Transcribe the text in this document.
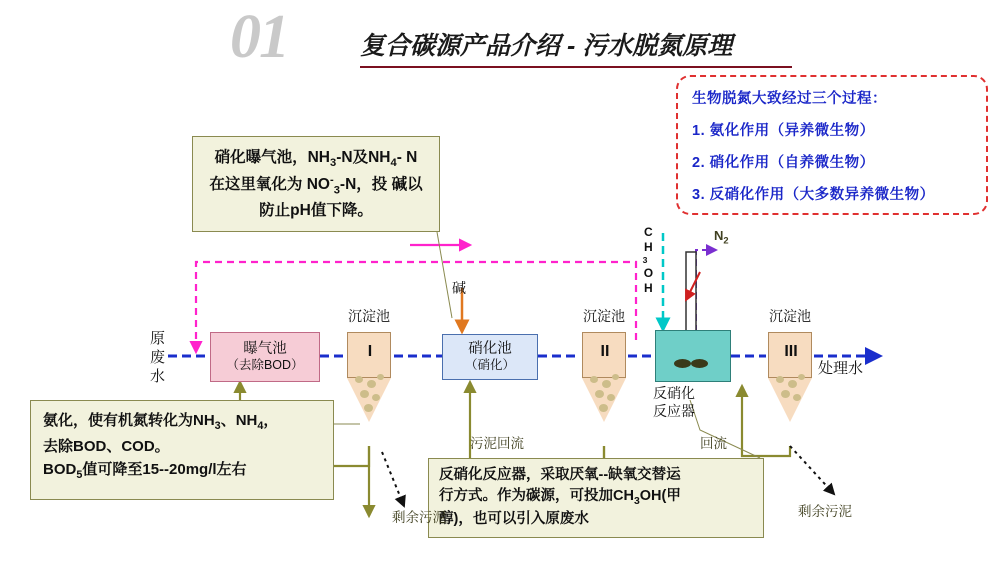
01	复合碳源产品介绍 - 污水脱氮原理
生物脱氮大致经过三个过程：
1. 氨化作用（异养微生物）
2. 硝化作用（自养微生物）
3. 反硝化作用（大多数异养微生物）
硝化曝气池，$NH_3-N$及$NH_4-$ N 在这里氧化为 $NO^-_3-N$，投 碱以防止pH值下降。
氨化，使有机氮转化为$NH_3$、$NH_4$，
去除BOD、COD。
$BOD_5$值可降至15--20mg/l左右	反硝化反应器，采取厌氧--缺氧交替运
行方式。作为碳源，可投加$CH_3OH$(甲
醇)，也可以引入原废水
原废水	处理水
曝气池
（去除BOD）
硝化池
（硝化）
反硝化
反应器
沉淀池
I
沉淀池
II
沉淀池
III
碱
$CH_3OH$
$N_2$
污泥回流	回流
剩余污泥	剩余污泥
